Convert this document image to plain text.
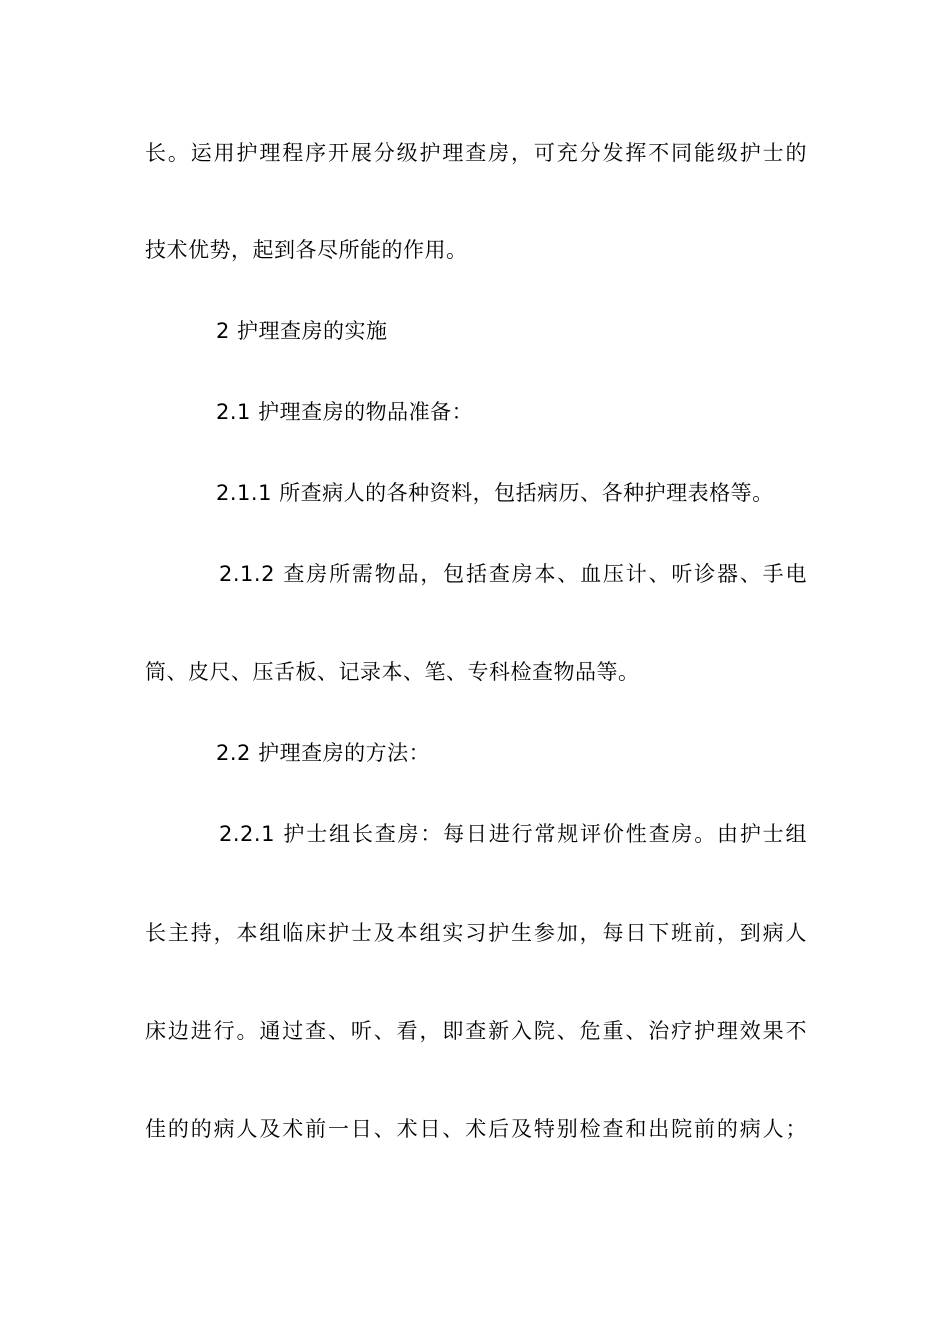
长。运用护理程序开展分级护理查房，可充分发挥不同能级护士的
技术优势，起到各尽所能的作用。
2 护理查房的实施
2.1 护理查房的物品准备：
2.1.1 所查病人的各种资料，包括病历、各种护理表格等。
2.1.2 查房所需物品，包括查房本、血压计、听诊器、手电
筒、皮尺、压舌板、记录本、笔、专科检查物品等。
2.2 护理查房的方法：
2.2.1 护士组长查房：每日进行常规评价性查房。由护士组
长主持，本组临床护士及本组实习护生参加，每日下班前，到病人
床边进行。通过查、听、看，即查新入院、危重、治疗护理效果不
佳的的病人及术前一日、术日、术后及特别检查和出院前的病人；
